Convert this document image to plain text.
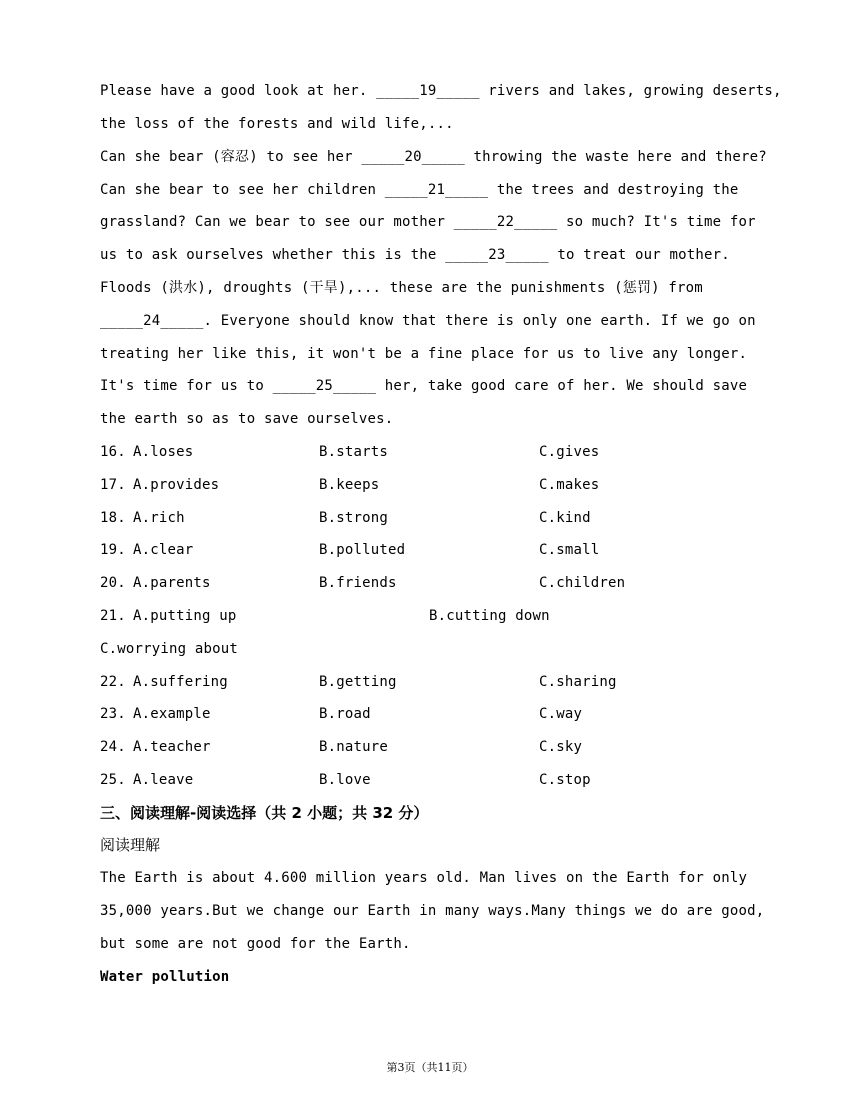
Please have a good look at her. _____19_____ rivers and lakes, growing deserts,
the loss of the forests and wild life,...
Can she bear (容忍) to see her _____20_____ throwing the waste here and there?
Can she bear to see her children _____21_____ the trees and destroying the
grassland? Can we bear to see our mother _____22_____ so much? It's time for
us to ask ourselves whether this is the _____23_____ to treat our mother.
Floods (洪水), droughts (干旱),... these are the punishments (惩罚) from
_____24_____. Everyone should know that there is only one earth. If we go on
treating her like this, it won't be a fine place for us to live any longer.
It's time for us to _____25_____ her, take good care of her. We should save
the earth so as to save ourselves.
16. A.loses	B.starts	C.gives
17. A.provides	B.keeps	C.makes
18. A.rich	B.strong	C.kind
19. A.clear	B.polluted	C.small
20. A.parents	B.friends	C.children
21. A.putting up	B.cutting down
C.worrying about
22. A.suffering	B.getting	C.sharing
23. A.example	B.road	C.way
24. A.teacher	B.nature	C.sky
25. A.leave	B.love	C.stop
三、阅读理解-阅读选择（共 2 小题；共 32 分）
阅读理解
The Earth is about 4.600 million years old. Man lives on the Earth for only
35,000 years.But we change our Earth in many ways.Many things we do are good,
but some are not good for the Earth.
Water pollution
第3页（共11页）
